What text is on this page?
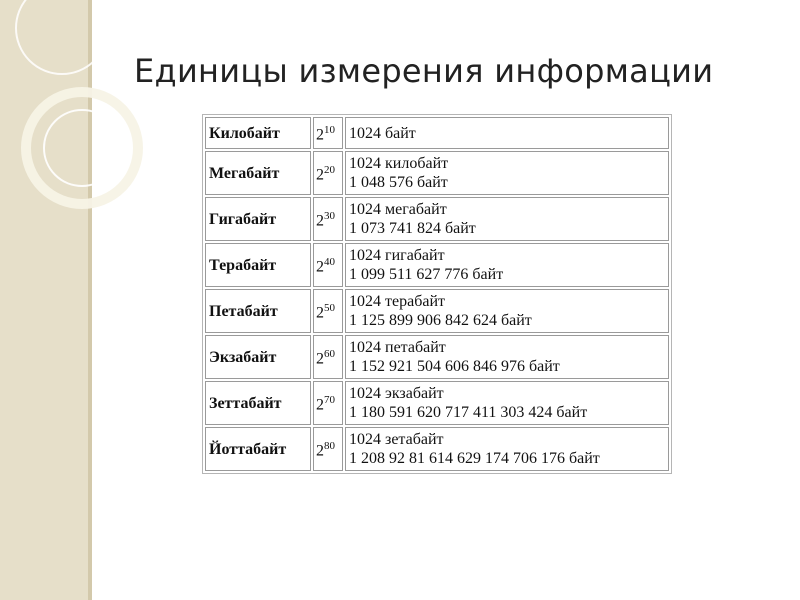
Единицы измерения информации
Килобайт	$2^{10}$	1024 байт

Мегабайт	$2^{20}$	1024 килобайт
1 048 576 байт

Гигабайт	$2^{30}$	1024 мегабайт
1 073 741 824 байт

Терабайт	$2^{40}$	1024 гигабайт
1 099 511 627 776 байт

Петабайт	$2^{50}$	1024 терабайт
1 125 899 906 842 624 байт

Экзабайт	$2^{60}$	1024 петабайт
1 152 921 504 606 846 976 байт

Зеттабайт	$2^{70}$	1024 экзабайт
1 180 591 620 717 411 303 424 байт

Йоттабайт	$2^{80}$	1024 зетабайт
1 208 92 81 614 629 174 706 176 байт
